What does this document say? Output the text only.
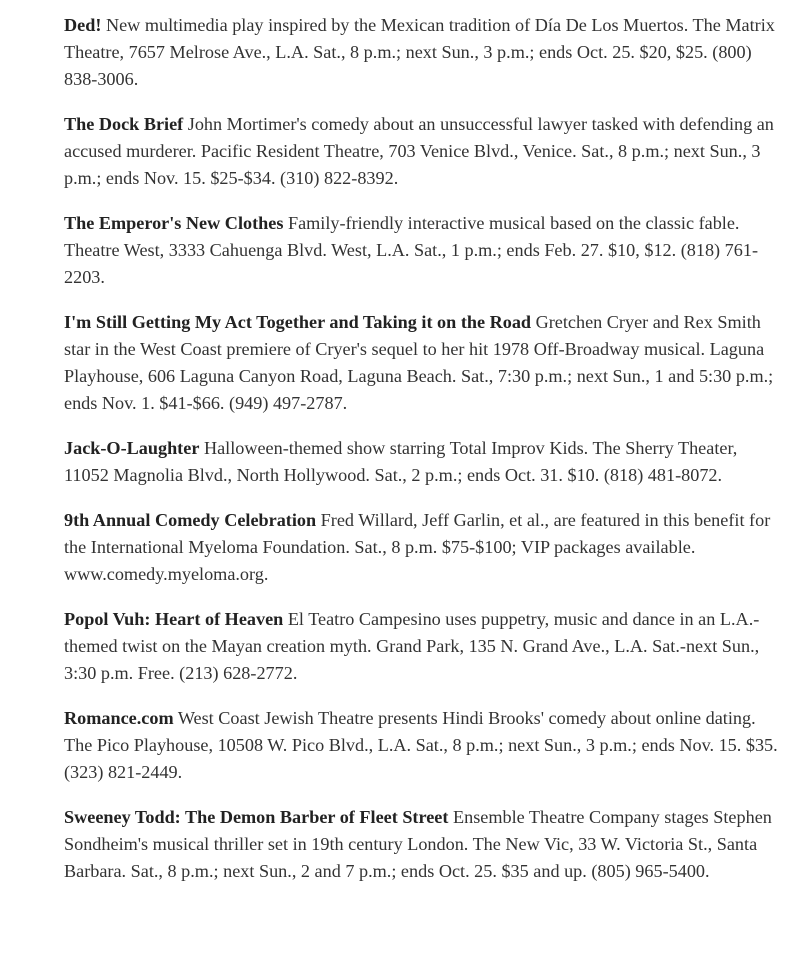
Ded! New multimedia play inspired by the Mexican tradition of Día De Los Muertos. The Matrix Theatre, 7657 Melrose Ave., L.A. Sat., 8 p.m.; next Sun., 3 p.m.; ends Oct. 25. $20, $25. (800) 838-3006.

The Dock Brief John Mortimer's comedy about an unsuccessful lawyer tasked with defending an accused murderer. Pacific Resident Theatre, 703 Venice Blvd., Venice. Sat., 8 p.m.; next Sun., 3 p.m.; ends Nov. 15. $25-$34. (310) 822-8392.

The Emperor's New Clothes Family-friendly interactive musical based on the classic fable. Theatre West, 3333 Cahuenga Blvd. West, L.A. Sat., 1 p.m.; ends Feb. 27. $10, $12. (818) 761-2203.

I'm Still Getting My Act Together and Taking it on the Road Gretchen Cryer and Rex Smith star in the West Coast premiere of Cryer's sequel to her hit 1978 Off-Broadway musical. Laguna Playhouse, 606 Laguna Canyon Road, Laguna Beach. Sat., 7:30 p.m.; next Sun., 1 and 5:30 p.m.; ends Nov. 1. $41-$66. (949) 497-2787.

Jack-O-Laughter Halloween-themed show starring Total Improv Kids. The Sherry Theater, 11052 Magnolia Blvd., North Hollywood. Sat., 2 p.m.; ends Oct. 31. $10. (818) 481-8072.

9th Annual Comedy Celebration Fred Willard, Jeff Garlin, et al., are featured in this benefit for the International Myeloma Foundation. Sat., 8 p.m. $75-$100; VIP packages available. www.comedy.myeloma.org.

Popol Vuh: Heart of Heaven El Teatro Campesino uses puppetry, music and dance in an L.A.-themed twist on the Mayan creation myth. Grand Park, 135 N. Grand Ave., L.A. Sat.-next Sun., 3:30 p.m. Free. (213) 628-2772.

Romance.com West Coast Jewish Theatre presents Hindi Brooks' comedy about online dating. The Pico Playhouse, 10508 W. Pico Blvd., L.A. Sat., 8 p.m.; next Sun., 3 p.m.; ends Nov. 15. $35. (323) 821-2449.

Sweeney Todd: The Demon Barber of Fleet Street Ensemble Theatre Company stages Stephen Sondheim's musical thriller set in 19th century London. The New Vic, 33 W. Victoria St., Santa Barbara. Sat., 8 p.m.; next Sun., 2 and 7 p.m.; ends Oct. 25. $35 and up. (805) 965-5400.
